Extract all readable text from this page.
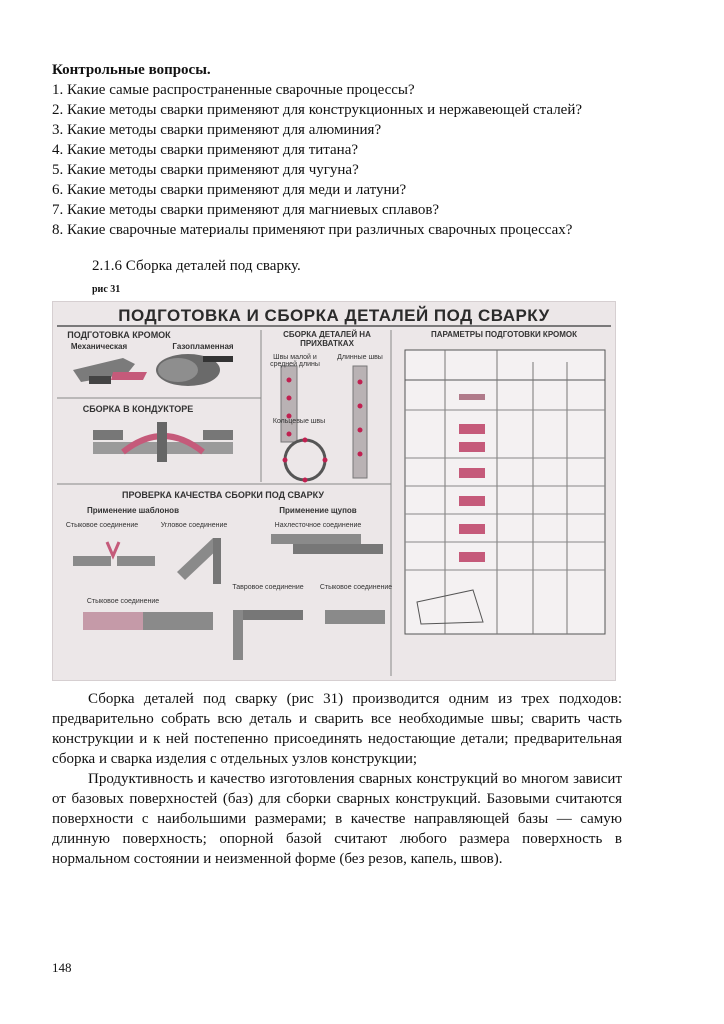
Контрольные вопросы.

1. Какие самые распространенные сварочные процессы?

2. Какие методы сварки применяют для конструкционных и нержавеющей сталей?

3. Какие методы сварки применяют для алюминия?

4. Какие методы сварки применяют для титана?

5. Какие методы сварки применяют для чугуна?

6. Какие методы сварки применяют для меди и латуни?

7. Какие методы сварки применяют для магниевых сплавов?

8. Какие сварочные материалы применяют при различных сварочных процессах?

2.1.6 Сборка деталей под сварку.

рис 31

ПОДГОТОВКА И СБОРКА ДЕТАЛЕЙ ПОД СВАРКУ
ПОДГОТОВКА КРОМОК
Механическая	Газопламенная
СБОРКА ДЕТАЛЕЙ НА ПРИХВАТКАХ
Швы малой и средней длины
Длинные швы
Кольцевые швы
СБОРКА В КОНДУКТОРЕ
ПАРАМЕТРЫ ПОДГОТОВКИ КРОМОК
ПРОВЕРКА КАЧЕСТВА СБОРКИ ПОД СВАРКУ
Применение шаблонов
Стыковое соединение	Угловое соединение
Применение щупов
Нахлесточное соединение
Стыковое соединение
Тавровое соединение	Стыковое соединение

Сборка деталей под сварку (рис 31) производится одним из трех подходов: предварительно собрать всю деталь и сварить все необходимые швы; сварить часть конструкции и к ней постепенно присоединять недостающие детали; предварительная сборка и сварка изделия с отдельных узлов конструкции;

Продуктивность и качество изготовления сварных конструкций во многом зависит от базовых поверхностей (баз) для сборки сварных конструкций. Базовыми считаются поверхности с наибольшими размерами; в качестве направляющей базы — самую длинную поверхность; опорной базой считают любого размера поверхность в нормальном состоянии и неизменной форме (без резов, капель, швов).

148
